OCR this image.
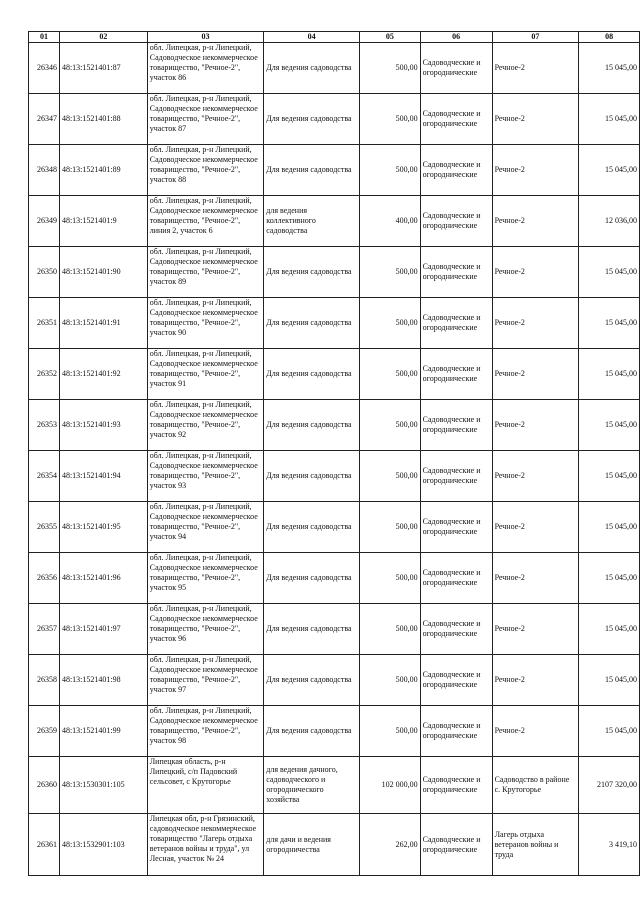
01	02	03	04	05	06	07	08
26346	48:13:1521401:87	обл. Липецкая, р-н Липецкий, Садоводческое некоммерческое товарищество, "Речное-2", участок 86	Для ведения садоводства	500,00	Садоводческие и огороднические	Речное-2	15 045,00
26347	48:13:1521401:88	обл. Липецкая, р-н Липецкий, Садоводческое некоммерческое товарищество, "Речное-2", участок 87	Для ведения садоводства	500,00	Садоводческие и огороднические	Речное-2	15 045,00
26348	48:13:1521401:89	обл. Липецкая, р-н Липецкий, Садоводческое некоммерческое товарищество, "Речное-2", участок 88	Для ведения садоводства	500,00	Садоводческие и огороднические	Речное-2	15 045,00
26349	48:13:1521401:9	обл. Липецкая, р-н Липецкий, Садоводческое некоммерческое товарищество, "Речное-2", линия 2, участок 6	для ведения коллективного садоводства	400,00	Садоводческие и огороднические	Речное-2	12 036,00
26350	48:13:1521401:90	обл. Липецкая, р-н Липецкий, Садоводческое некоммерческое товарищество, "Речное-2", участок 89	Для ведения садоводства	500,00	Садоводческие и огороднические	Речное-2	15 045,00
26351	48:13:1521401:91	обл. Липецкая, р-н Липецкий, Садоводческое некоммерческое товарищество, "Речное-2", участок 90	Для ведения садоводства	500,00	Садоводческие и огороднические	Речное-2	15 045,00
26352	48:13:1521401:92	обл. Липецкая, р-н Липецкий, Садоводческое некоммерческое товарищество, "Речное-2", участок 91	Для ведения садоводства	500,00	Садоводческие и огороднические	Речное-2	15 045,00
26353	48:13:1521401:93	обл. Липецкая, р-н Липецкий, Садоводческое некоммерческое товарищество, "Речное-2", участок 92	Для ведения садоводства	500,00	Садоводческие и огороднические	Речное-2	15 045,00
26354	48:13:1521401:94	обл. Липецкая, р-н Липецкий, Садоводческое некоммерческое товарищество, "Речное-2", участок 93	Для ведения садоводства	500,00	Садоводческие и огороднические	Речное-2	15 045,00
26355	48:13:1521401:95	обл. Липецкая, р-н Липецкий, Садоводческое некоммерческое товарищество, "Речное-2", участок 94	Для ведения садоводства	500,00	Садоводческие и огороднические	Речное-2	15 045,00
26356	48:13:1521401:96	обл. Липецкая, р-н Липецкий, Садоводческое некоммерческое товарищество, "Речное-2", участок 95	Для ведения садоводства	500,00	Садоводческие и огороднические	Речное-2	15 045,00
26357	48:13:1521401:97	обл. Липецкая, р-н Липецкий, Садоводческое некоммерческое товарищество, "Речное-2", участок 96	Для ведения садоводства	500,00	Садоводческие и огороднические	Речное-2	15 045,00
26358	48:13:1521401:98	обл. Липецкая, р-н Липецкий, Садоводческое некоммерческое товарищество, "Речное-2", участок 97	Для ведения садоводства	500,00	Садоводческие и огороднические	Речное-2	15 045,00
26359	48:13:1521401:99	обл. Липецкая, р-н Липецкий, Садоводческое некоммерческое товарищество, "Речное-2", участок 98	Для ведения садоводства	500,00	Садоводческие и огороднические	Речное-2	15 045,00
26360	48:13:1530301:105	Липецкая область, р-н Липецкий, с/п Падовский сельсовет, с Крутогорье	для ведения дачного, садоводческого и огороднического хозяйства	102 000,00	Садоводческие и огороднические	Садоводство в районе с. Крутогорье	2107 320,00
26361	48:13:1532901:103	Липецкая обл, р-н Грязинский, садоводческое некоммерческое товарищество "Лагерь отдыха ветеранов войны и труда", ул Лесная, участок № 24	для дачи и ведения огородничества	262,00	Садоводческие и огороднические	Лагерь отдыха ветеранов войны и труда	3 419,10
